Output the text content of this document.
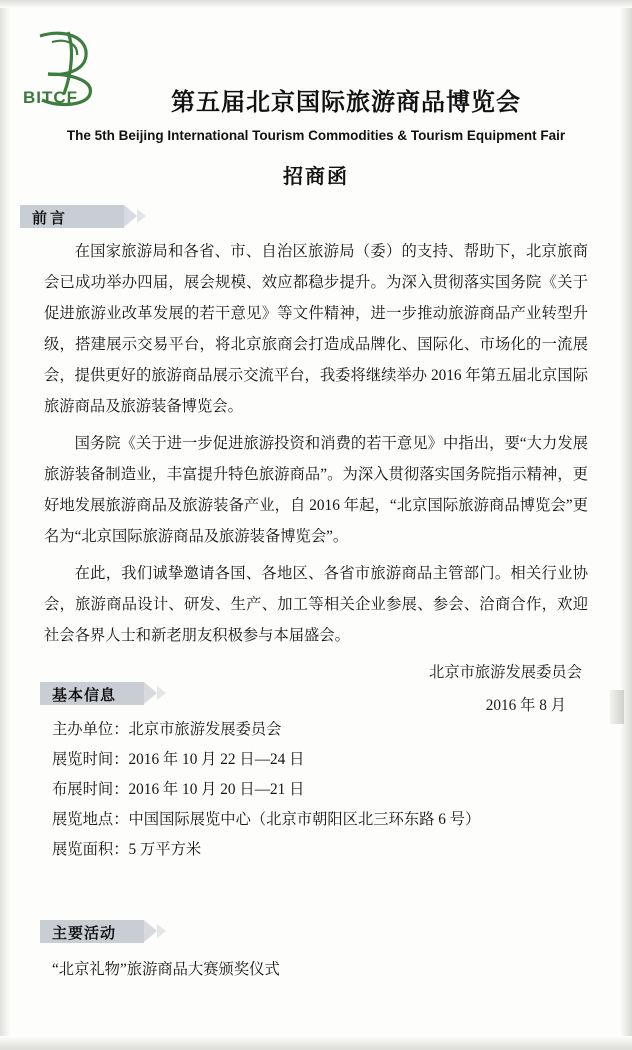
BITCF	第五届北京国际旅游商品博览会
The 5th Beijing International Tourism Commodities & Tourism Equipment Fair
招商函
前言

在国家旅游局和各省、市、自治区旅游局（委）的支持、帮助下，北京旅商会已成功举办四届，展会规模、效应都稳步提升。为深入贯彻落实国务院《关于促进旅游业改革发展的若干意见》等文件精神，进一步推动旅游商品产业转型升级，搭建展示交易平台，将北京旅商会打造成品牌化、国际化、市场化的一流展会，提供更好的旅游商品展示交流平台，我委将继续举办 2016 年第五届北京国际旅游商品及旅游装备博览会。

国务院《关于进一步促进旅游投资和消费的若干意见》中指出，要“大力发展旅游装备制造业，丰富提升特色旅游商品”。为深入贯彻落实国务院指示精神，更好地发展旅游商品及旅游装备产业，自 2016 年起，“北京国际旅游商品博览会”更名为“北京国际旅游商品及旅游装备博览会”。

在此，我们诚挚邀请各国、各地区、各省市旅游商品主管部门。相关行业协会，旅游商品设计、研发、生产、加工等相关企业参展、参会、洽商合作，欢迎社会各界人士和新老朋友积极参与本届盛会。

北京市旅游发展委员会

2016 年 8 月

基本信息
主办单位：北京市旅游发展委员会
展览时间：2016 年 10 月 22 日—24 日
布展时间：2016 年 10 月 20 日—21 日
展览地点：中国国际展览中心（北京市朝阳区北三环东路 6 号）
展览面积：5 万平方米
主要活动
“北京礼物”旅游商品大赛颁奖仪式
